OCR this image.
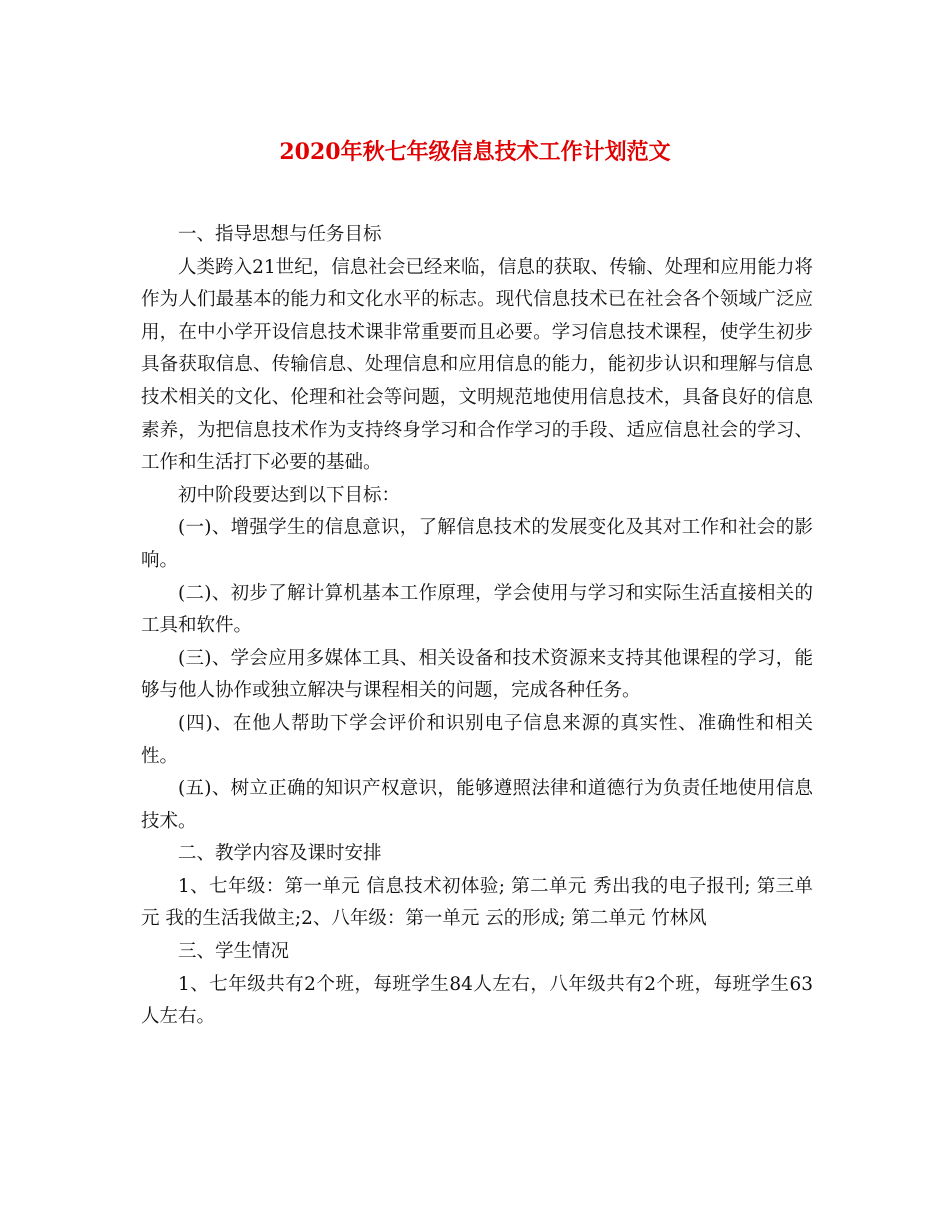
2020年秋七年级信息技术工作计划范文

一、指导思想与任务目标

人类跨入21世纪，信息社会已经来临，信息的获取、传输、处理和应用能力将作为人们最基本的能力和文化水平的标志。现代信息技术已在社会各个领域广泛应用，在中小学开设信息技术课非常重要而且必要。学习信息技术课程，使学生初步具备获取信息、传输信息、处理信息和应用信息的能力，能初步认识和理解与信息技术相关的文化、伦理和社会等问题，文明规范地使用信息技术，具备良好的信息素养，为把信息技术作为支持终身学习和合作学习的手段、适应信息社会的学习、工作和生活打下必要的基础。

初中阶段要达到以下目标：

(一)、增强学生的信息意识，了解信息技术的发展变化及其对工作和社会的影响。

(二)、初步了解计算机基本工作原理，学会使用与学习和实际生活直接相关的工具和软件。

(三)、学会应用多媒体工具、相关设备和技术资源来支持其他课程的学习，能够与他人协作或独立解决与课程相关的问题，完成各种任务。

(四)、在他人帮助下学会评价和识别电子信息来源的真实性、准确性和相关性。

(五)、树立正确的知识产权意识，能够遵照法律和道德行为负责任地使用信息技术。

二、教学内容及课时安排

1、七年级：第一单元 信息技术初体验; 第二单元 秀出我的电子报刊; 第三单元 我的生活我做主;2、八年级：第一单元 云的形成; 第二单元 竹林风

三、学生情况

1、七年级共有2个班，每班学生84人左右，八年级共有2个班，每班学生63人左右。
